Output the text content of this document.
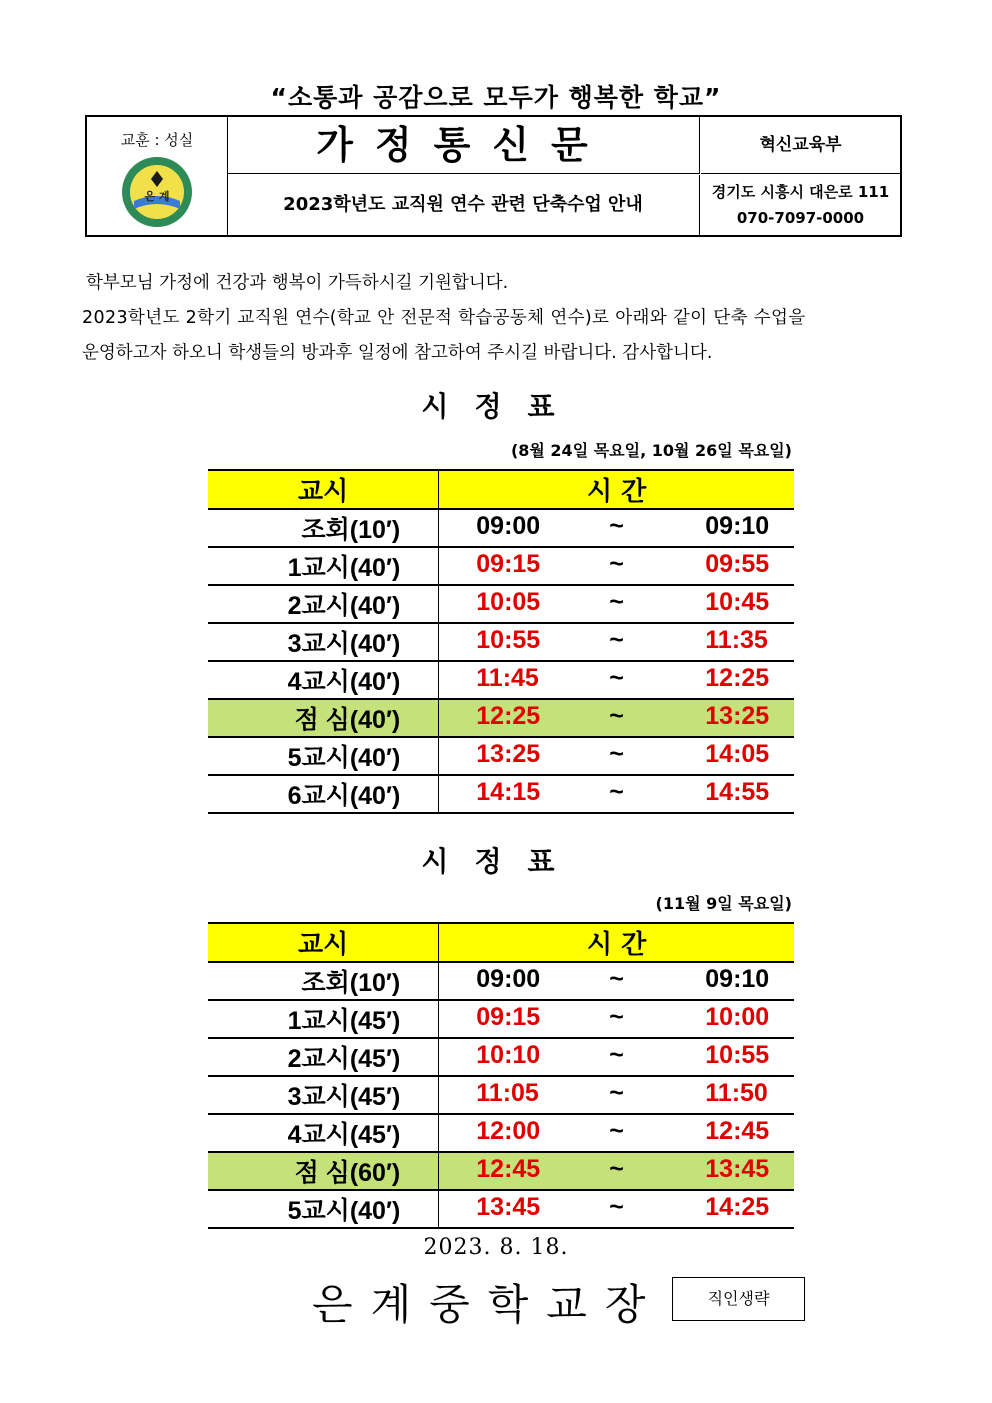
“소통과 공감으로 모두가 행복한 학교”
교훈 : 성실
은 계
가정통신문
2023학년도 교직원 연수 관련 단축수업 안내
혁신교육부
경기도 시흥시 대은로 111
070-7097-0000

학부모님 가정에 건강과 행복이 가득하시길 기원합니다.

2023학년도 2학기 교직원 연수(학교 안 전문적 학습공동체 연수)로 아래와 같이 단축 수업을

운영하고자 하오니 학생들의 방과후 일정에 참고하여 주시길 바랍니다. 감사합니다.

시정표
(8월 24일 목요일, 10월 26일 목요일)
교시	시 간
조회(10′)	09:00 ~ 09:10

1교시(40′)	09:15 ~ 09:55

2교시(40′)	10:05 ~ 10:45

3교시(40′)	10:55 ~ 11:35

4교시(40′)	11:45 ~ 12:25

점 심(40′)	12:25 ~ 13:25

5교시(40′)	13:25 ~ 14:05

6교시(40′)	14:15 ~ 14:55
시정표
(11월 9일 목요일)
교시	시 간
조회(10′)	09:00 ~ 09:10

1교시(45′)	09:15 ~ 10:00

2교시(45′)	10:10 ~ 10:55

3교시(45′)	11:05 ~ 11:50

4교시(45′)	12:00 ~ 12:45

점 심(60′)	12:45 ~ 13:45

5교시(40′)	13:45 ~ 14:25
2023. 8. 18.
은계중학교장	직인생략
